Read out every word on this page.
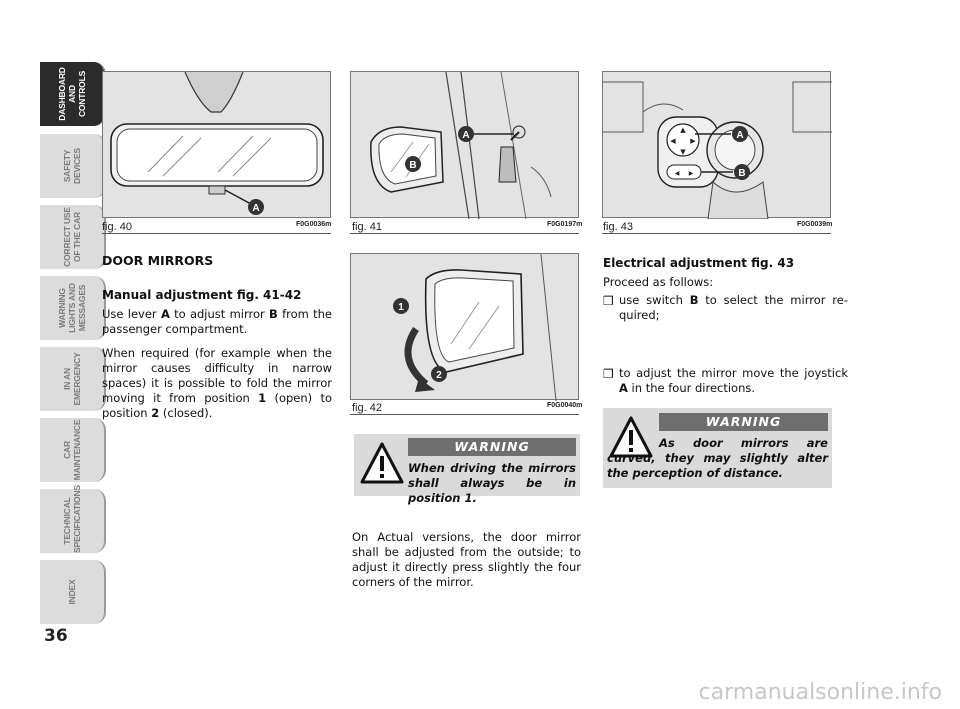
DASHBOARD
AND CONTROLS
SAFETY
DEVICES
CORRECT USE
OF THE CAR
WARNING
LIGHTS AND
MESSAGES
IN AN
EMERGENCY
CAR
MAINTENANCE
TECHNICAL
SPECIFICATIONS
INDEX
36
A
fig. 40	F0G0036m
B
A
fig. 41	F0G0197m
▲
▼
◀ ▶
◀ ▶
A
B
fig. 43	F0G0039m
1
2
fig. 42	F0G0040m
DOOR MIRRORS
Manual adjustment fig. 41-42
Use lever A to adjust mirror B from the passenger compartment.
When required (for example when the mirror causes difficulty in narrow spaces) it is possible to fold the mirror moving it from position 1 (open) to position 2 (closed).
WARNING
When driving the mirrors shall always be in position 1.
On Actual versions, the door mirror shall be adjusted from the outside; to adjust it directly press slightly the four corners of the mirror.
Electrical adjustment fig. 43
Proceed as follows:
❒ use switch B to select the mirror re-quired;
❒ to adjust the mirror move the joystick A in the four directions.
WARNING
As door mirrors are curved, they may slightly alter the perception of distance.
carmanualsonline.info
